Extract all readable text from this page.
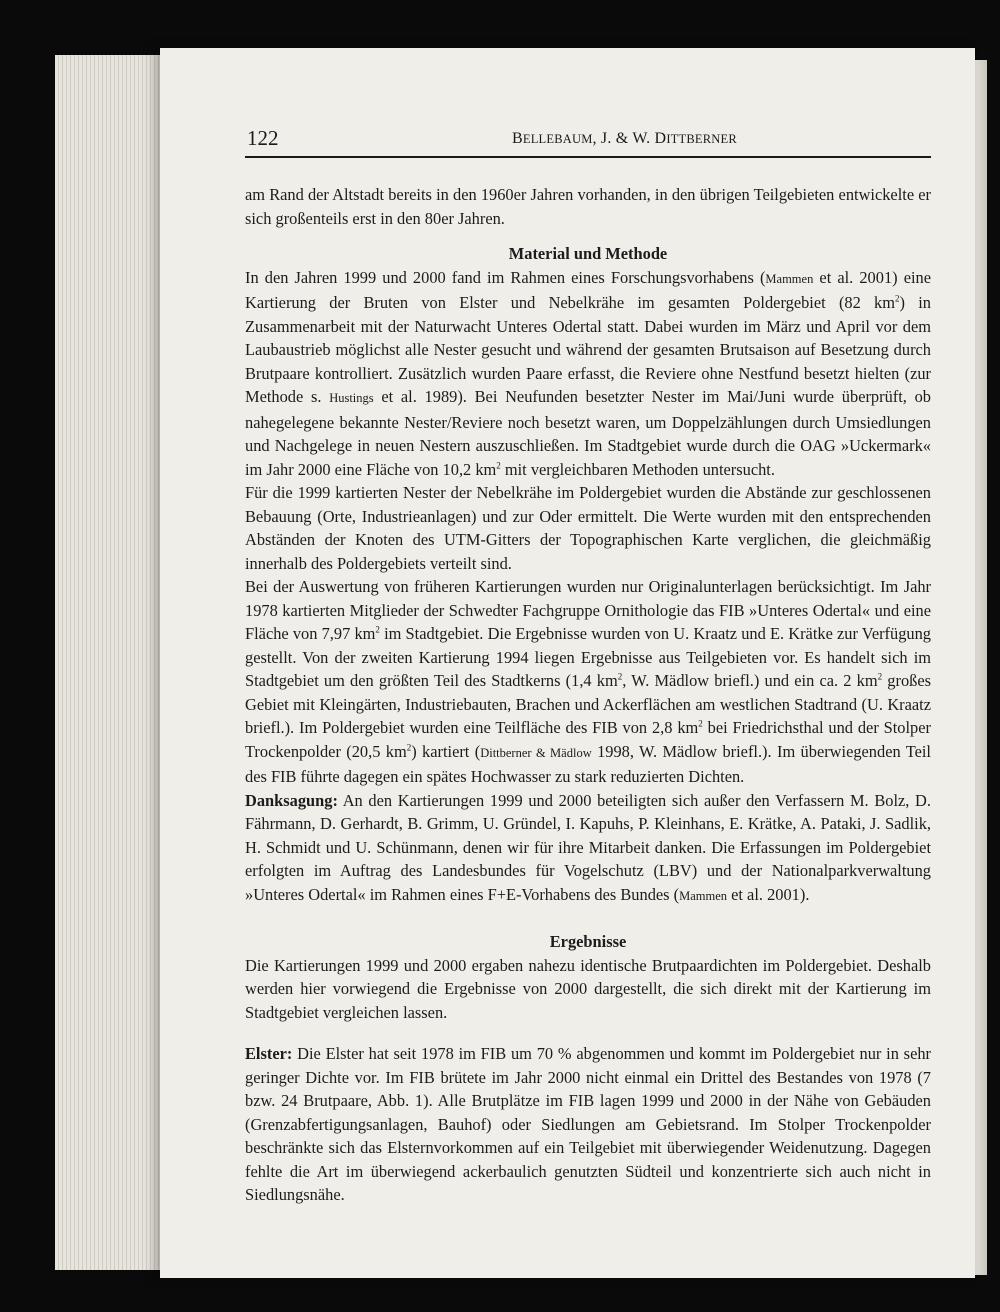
122	BELLEBAUM, J. & W. DITTBERNER

am Rand der Altstadt bereits in den 1960er Jahren vorhanden, in den übrigen Teilgebieten entwickelte er sich großenteils erst in den 80er Jahren.

Material und Methode

In den Jahren 1999 und 2000 fand im Rahmen eines Forschungsvorhabens (Mammen et al. 2001) eine Kartierung der Bruten von Elster und Nebelkrähe im gesamten Poldergebiet (82 $km^2$) in Zusammenarbeit mit der Naturwacht Unteres Odertal statt. Dabei wurden im März und April vor dem Laubaustrieb möglichst alle Nester gesucht und während der gesamten Brutsaison auf Besetzung durch Brutpaare kontrolliert. Zusätzlich wurden Paare erfasst, die Reviere ohne Nestfund besetzt hielten (zur Methode s. Hustings et al. 1989). Bei Neufunden besetzter Nester im Mai/Juni wurde überprüft, ob nahegelegene bekannte Nester/Reviere noch besetzt waren, um Doppelzählungen durch Umsiedlungen und Nachgelege in neuen Nestern auszuschließen. Im Stadtgebiet wurde durch die OAG »Uckermark« im Jahr 2000 eine Fläche von 10,2 $km^2$ mit vergleichbaren Methoden untersucht.

Für die 1999 kartierten Nester der Nebelkrähe im Poldergebiet wurden die Abstände zur geschlossenen Bebauung (Orte, Industrieanlagen) und zur Oder ermittelt. Die Werte wurden mit den entsprechenden Abständen der Knoten des UTM-Gitters der Topographischen Karte verglichen, die gleichmäßig innerhalb des Poldergebiets verteilt sind.

Bei der Auswertung von früheren Kartierungen wurden nur Originalunterlagen berücksichtigt. Im Jahr 1978 kartierten Mitglieder der Schwedter Fachgruppe Ornithologie das FIB »Unteres Odertal« und eine Fläche von 7,97 $km^2$ im Stadtgebiet. Die Ergebnisse wurden von U. Kraatz und E. Krätke zur Verfügung gestellt. Von der zweiten Kartierung 1994 liegen Ergebnisse aus Teilgebieten vor. Es handelt sich im Stadtgebiet um den größten Teil des Stadtkerns (1,4 $km^2$, W. Mädlow briefl.) und ein ca. 2 $km^2$ großes Gebiet mit Kleingärten, Industriebauten, Brachen und Ackerflächen am westlichen Stadtrand (U. Kraatz briefl.). Im Poldergebiet wurden eine Teilfläche des FIB von 2,8 $km^2$ bei Friedrichsthal und der Stolper Trockenpolder (20,5 $km^2$) kartiert (Dittberner & Mädlow 1998, W. Mädlow briefl.). Im überwiegenden Teil des FIB führte dagegen ein spätes Hochwasser zu stark reduzierten Dichten.

Danksagung: An den Kartierungen 1999 und 2000 beteiligten sich außer den Verfassern M. Bolz, D. Fährmann, D. Gerhardt, B. Grimm, U. Gründel, I. Kapuhs, P. Kleinhans, E. Krätke, A. Pataki, J. Sadlik, H. Schmidt und U. Schünmann, denen wir für ihre Mitarbeit danken. Die Erfassungen im Poldergebiet erfolgten im Auftrag des Landesbundes für Vogelschutz (LBV) und der Nationalparkverwaltung »Unteres Odertal« im Rahmen eines F+E-Vorhabens des Bundes (Mammen et al. 2001).

Ergebnisse

Die Kartierungen 1999 und 2000 ergaben nahezu identische Brutpaardichten im Poldergebiet. Deshalb werden hier vorwiegend die Ergebnisse von 2000 dargestellt, die sich direkt mit der Kartierung im Stadtgebiet vergleichen lassen.

Elster: Die Elster hat seit 1978 im FIB um 70 % abgenommen und kommt im Poldergebiet nur in sehr geringer Dichte vor. Im FIB brütete im Jahr 2000 nicht einmal ein Drittel des Bestandes von 1978 (7 bzw. 24 Brutpaare, Abb. 1). Alle Brutplätze im FIB lagen 1999 und 2000 in der Nähe von Gebäuden (Grenzabfertigungsanlagen, Bauhof) oder Siedlungen am Gebietsrand. Im Stolper Trockenpolder beschränkte sich das Elsternvorkommen auf ein Teilgebiet mit überwiegender Weidenutzung. Dagegen fehlte die Art im überwiegend ackerbaulich genutzten Südteil und konzentrierte sich auch nicht in Siedlungsnähe.
